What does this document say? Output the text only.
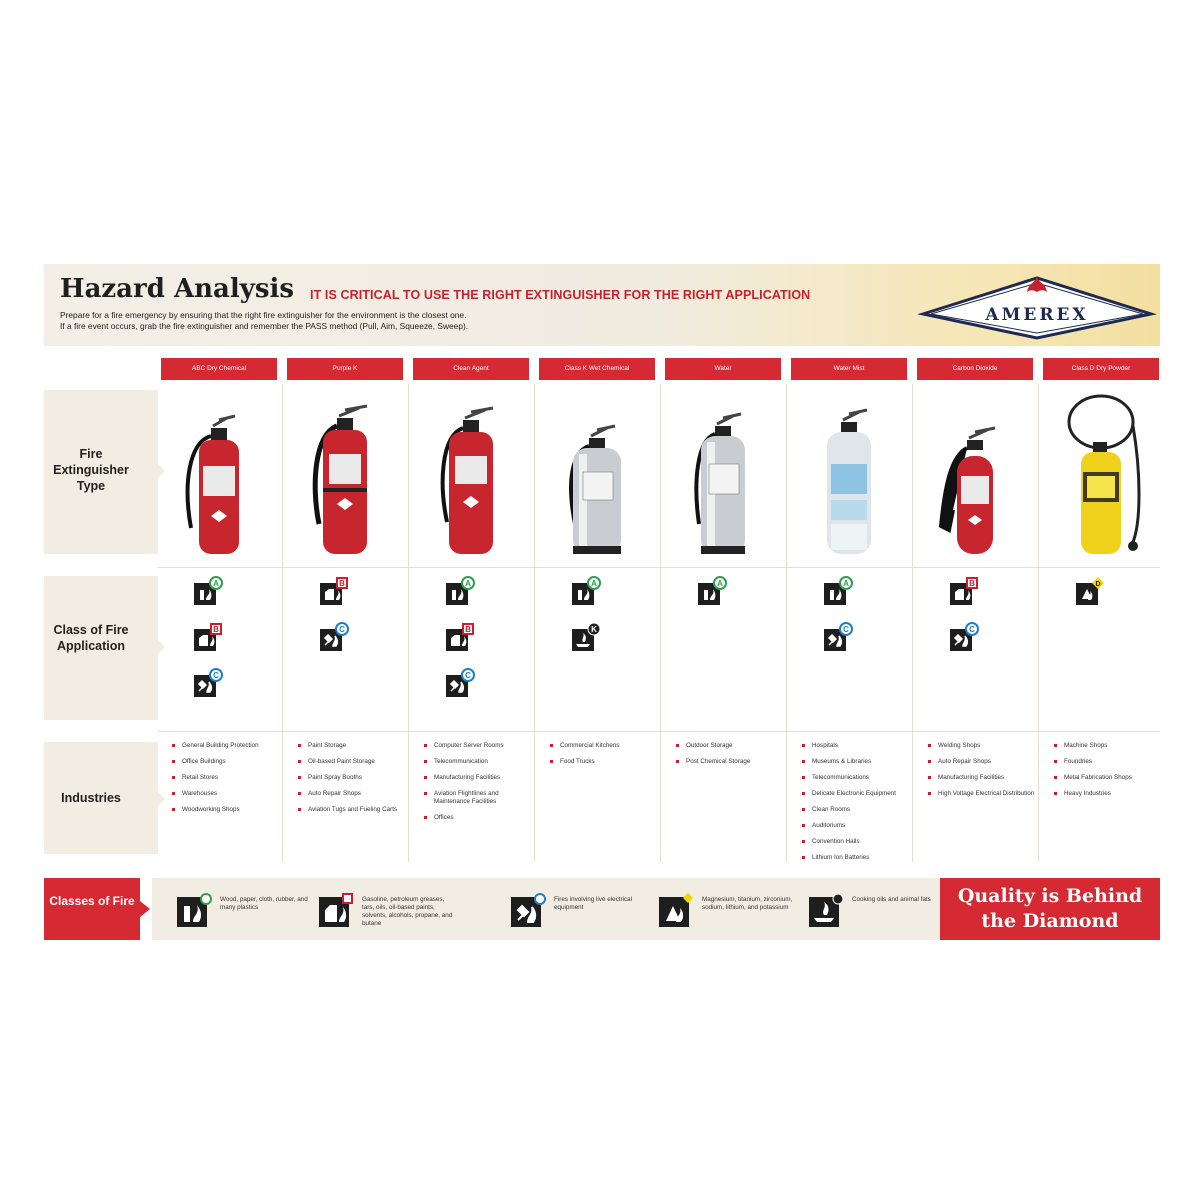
Hazard Analysis IT IS CRITICAL TO USE THE RIGHT EXTINGUISHER FOR THE RIGHT APPLICATION
Prepare for a fire emergency by ensuring that the right fire extinguisher for the environment is the closest one.
If a fire event occurs, grab the fire extinguisher and remember the PASS method (Pull, Aim, Squeeze, Sweep).
AMEREX
Fire Extinguisher Type
Class of Fire Application
Industries
ABC Dry Chemical
A
B
C
General Building Protection
Office Buildings
Retail Stores
Warehouses
Woodworking Shops
Purple K
B
C
Paint Storage
Oil-based Paint Storage
Paint Spray Booths
Auto Repair Shops
Aviation Tugs and Fueling Carts
Clean Agent
A
B
C
Computer Server Rooms
Telecommunication
Manufacturing Facilities
Aviation Flightlines and Maintenance Facilities
Offices
Class K Wet Chemical
A
K
Commercial Kitchens
Food Trucks
Water
A
Outdoor Storage
Post Chemical Storage
Water Mist
A
C
Hospitals
Museums & Libraries
Telecommunications
Delicate Electronic Equipment
Clean Rooms
Auditoriums
Convention Halls
Lithium Ion Batteries
Carbon Dioxide
B
C
Welding Shops
Auto Repair Shops
Manufacturing Facilities
High Voltage Electrical Distribution
Class D Dry Powder
D
Machine Shops
Foundries
Metal Fabrication Shops
Heavy Industries
Classes of Fire	Wood, paper, cloth, rubber, and many plastics
Gasoline, petroleum greases, tars, oils, oil-based paints, solvents, alcohols, propane, and butane
Fires involving live electrical equipment
Magnesium, titanium, zirconium, sodium, lithium, and potassium
Cooking oils and animal fats	Quality is Behind
the Diamond
